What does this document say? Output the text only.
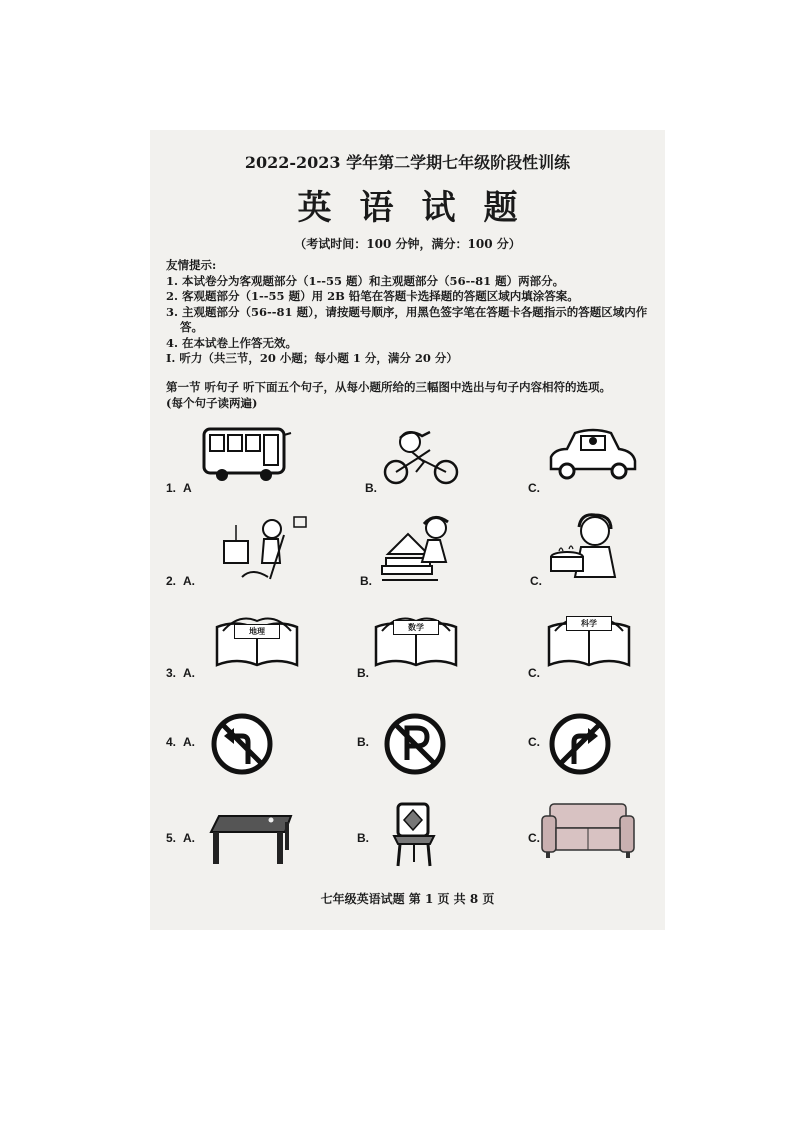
2022-2023 学年第二学期七年级阶段性训练
英语试题
（考试时间：100 分钟，满分：100 分）
友情提示:
1. 本试卷分为客观题部分（1--55 题）和主观题部分（56--81 题）两部分。
2. 客观题部分（1--55 题）用 2B 铅笔在答题卡选择题的答题区域内填涂答案。
3. 主观题部分（56--81 题），请按题号顺序，用黑色签字笔在答题卡各题指示的答题区域内作答。
4. 在本试卷上作答无效。
I. 听力（共三节，20 小题；每小题 1 分，满分 20 分）
第一节 听句子 听下面五个句子，从每小题所给的三幅图中选出与句子内容相符的选项。
(每个句子读两遍)
1. A	B.	C.
2. A.	B.	C.
3. A.	B.	C.
地理	数学	科学
4. A.	B.	C.
5. A.	B.	C.
七年级英语试题 第 1 页 共 8 页
